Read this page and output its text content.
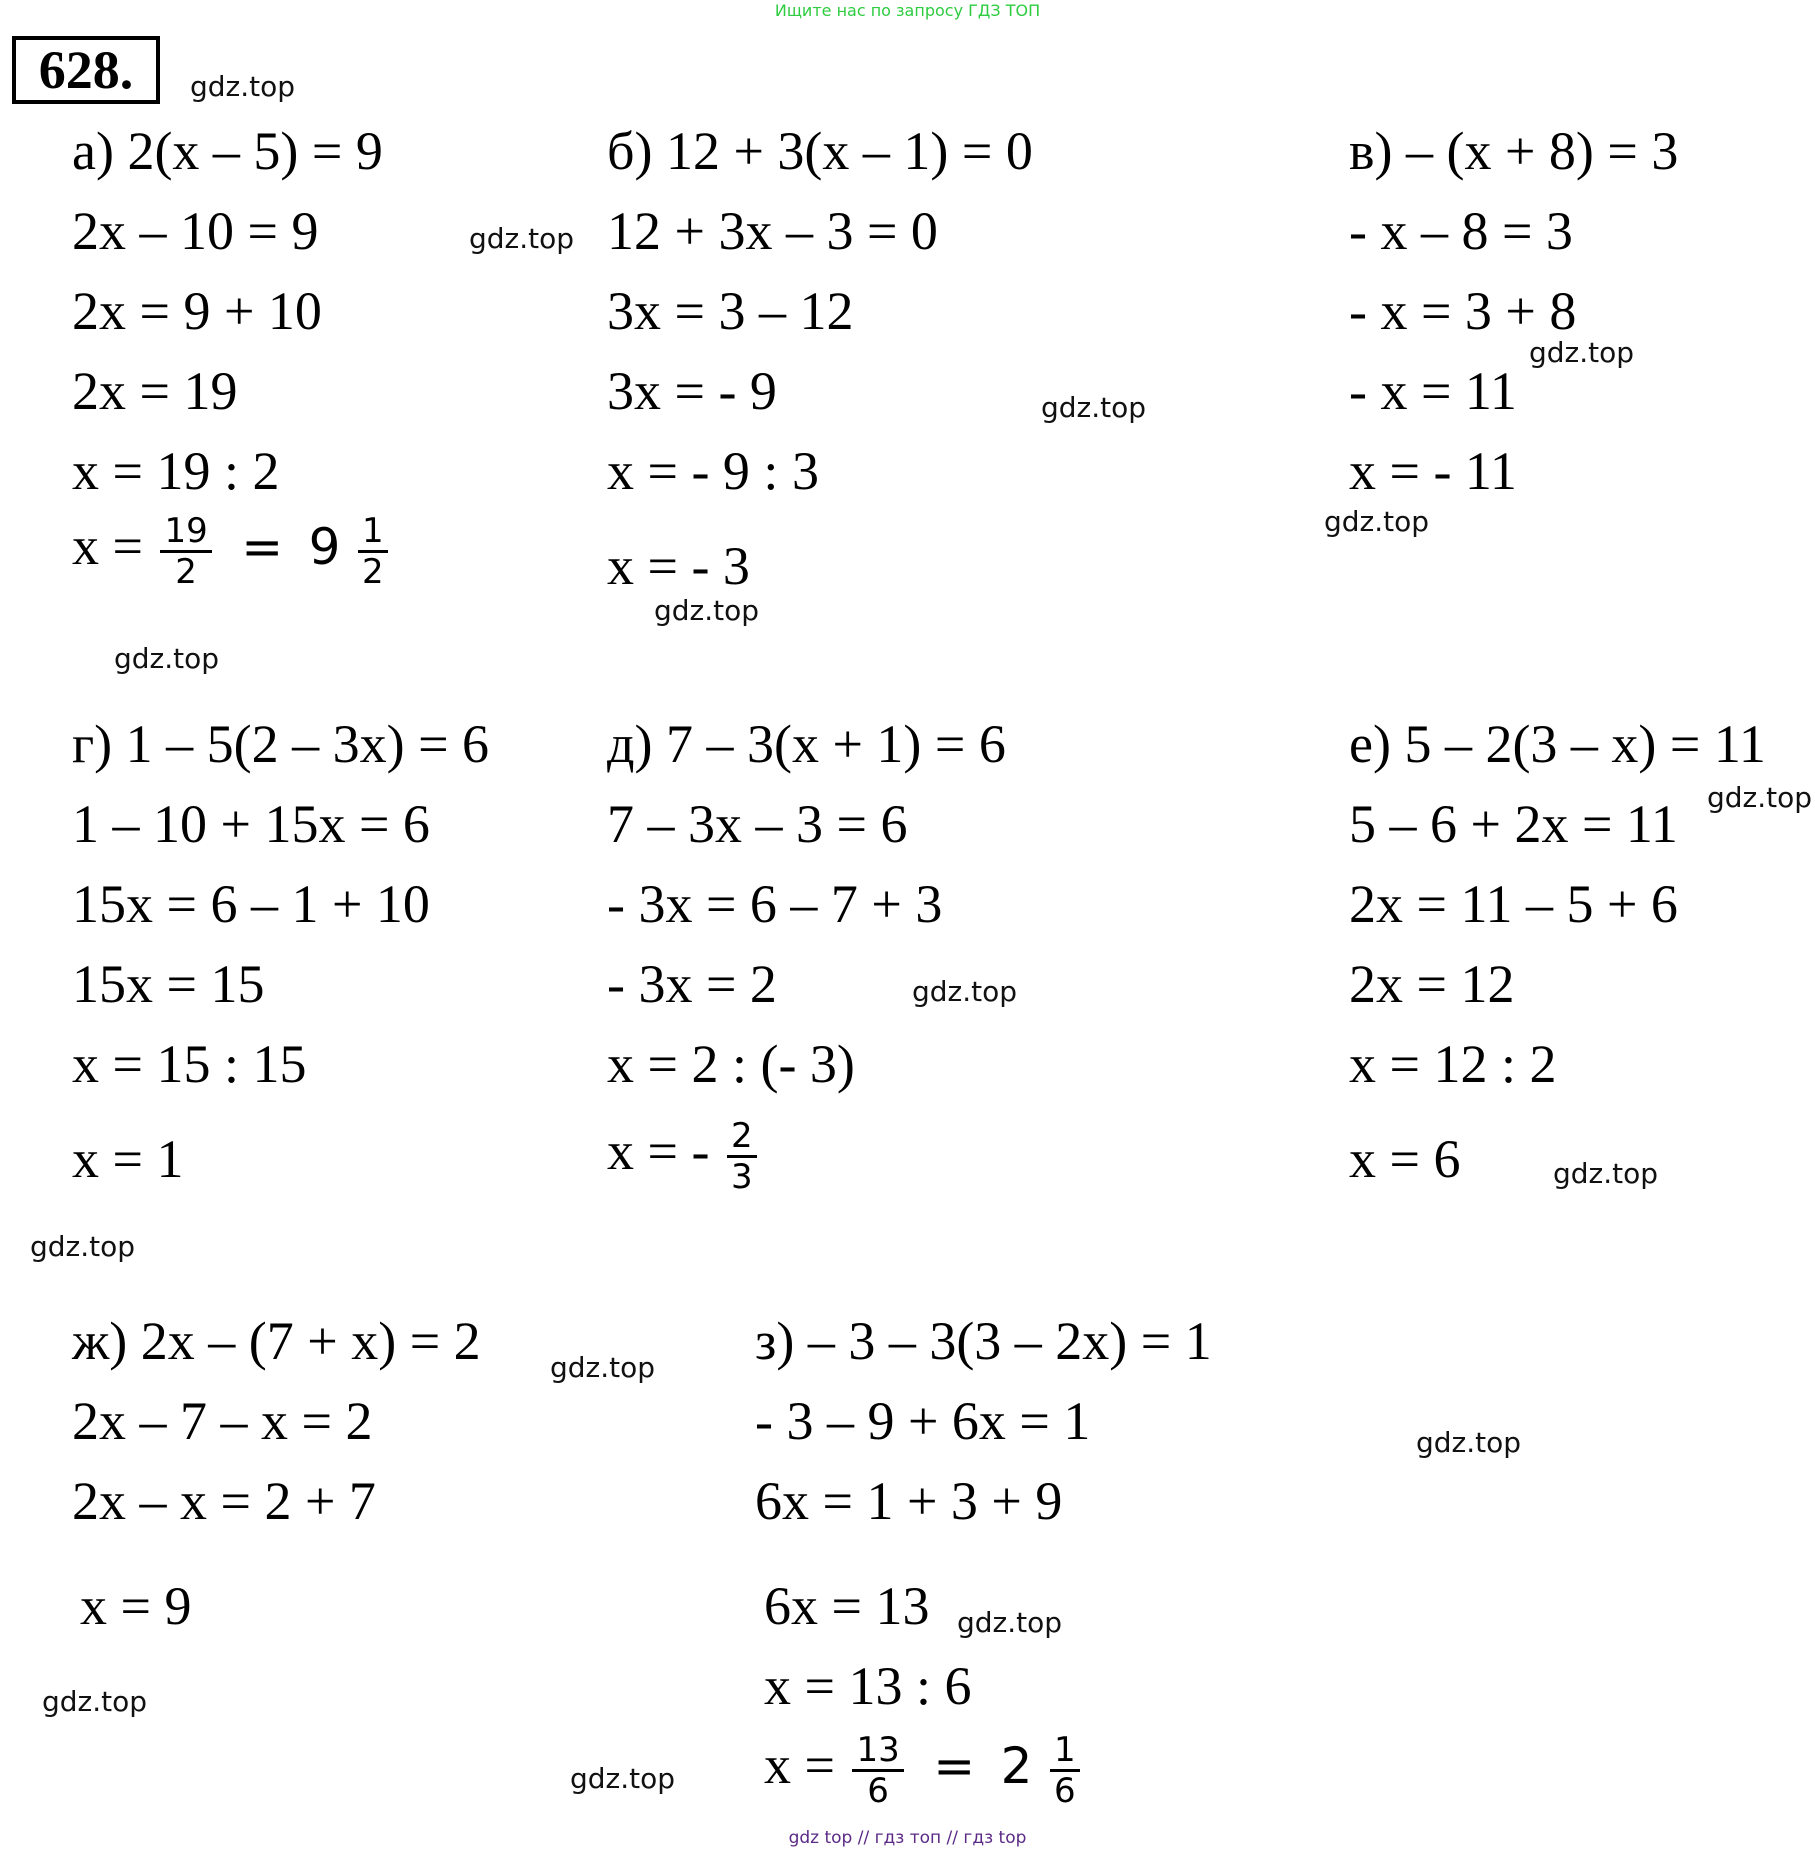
Ищите нас по запросу ГДЗ ТОП
628.
а) 2(x – 5) = 9
2x – 10 = 9
2x = 9 + 10
2x = 19
x = 19 : 2
$x = \frac{19}{2} = 9 \frac{1}{2}$
б) 12 + 3(x – 1) = 0
12 + 3x – 3 = 0
3x = 3 – 12
3x = - 9
x = - 9 : 3
x = - 3
в) – (x + 8) = 3
- x – 8 = 3
- x = 3 + 8
- x = 11
x = - 11
г) 1 – 5(2 – 3x) = 6
1 – 10 + 15x = 6
15x = 6 – 1 + 10
15x = 15
x = 15 : 15
x = 1
д) 7 – 3(x + 1) = 6
7 – 3x – 3 = 6
- 3x = 6 – 7 + 3
- 3x = 2
x = 2 : (- 3)
x = - $\frac{2}{3}$
е) 5 – 2(3 – x) = 11
5 – 6 + 2x = 11
2x = 11 – 5 + 6
2x = 12
x = 12 : 2
x = 6
ж) 2x – (7 + x) = 2
2x – 7 – x = 2
2x – x = 2 + 7
x = 9
з) – 3 – 3(3 – 2x) = 1
- 3 – 9 + 6x = 1
6x = 1 + 3 + 9
6x = 13
x = 13 : 6
$x = \frac{13}{6} = 2 \frac{1}{6}$
gdz.top
gdz.top
gdz.top
gdz.top
gdz.top
gdz.top
gdz.top
gdz.top
gdz.top
gdz.top
gdz.top
gdz.top
gdz.top
gdz.top
gdz.top
gdz.top
gdz top // гдз топ // гдз top
